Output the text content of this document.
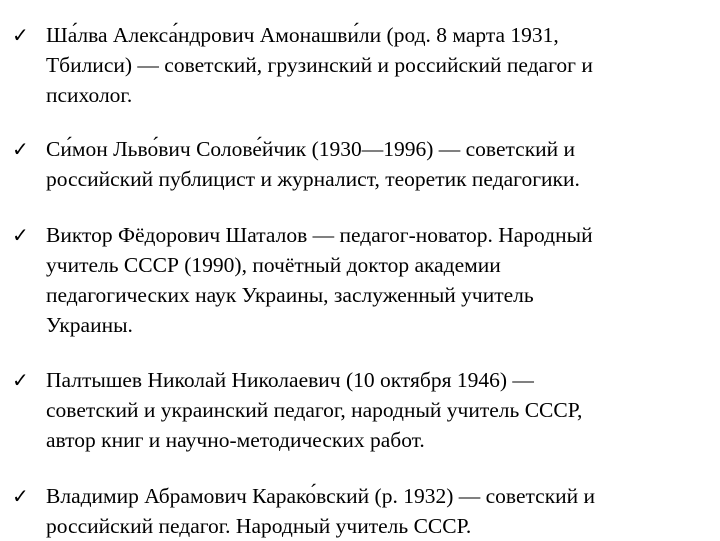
✓ Ша́лва Алекса́ндрович Амонашви́ли (род. 8 марта 1931,
Тбилиси) — советский, грузинский и российский педагог и
психолог.
✓ Си́мон Льво́вич Солове́йчик (1930—1996) — советский и
российский публицист и журналист, теоретик педагогики.
✓ Виктор Фёдорович Шаталов — педагог-новатор. Народный
учитель СССР (1990), почётный доктор академии
педагогических наук Украины, заслуженный учитель
Украины.
✓ Палтышев Николай Николаевич (10 октября 1946) —
советский и украинский педагог, народный учитель СССР,
автор книг и научно-методических работ.
✓ Владимир Абрамович Карако́вский (р. 1932) — советский и
российский педагог. Народный учитель СССР.
